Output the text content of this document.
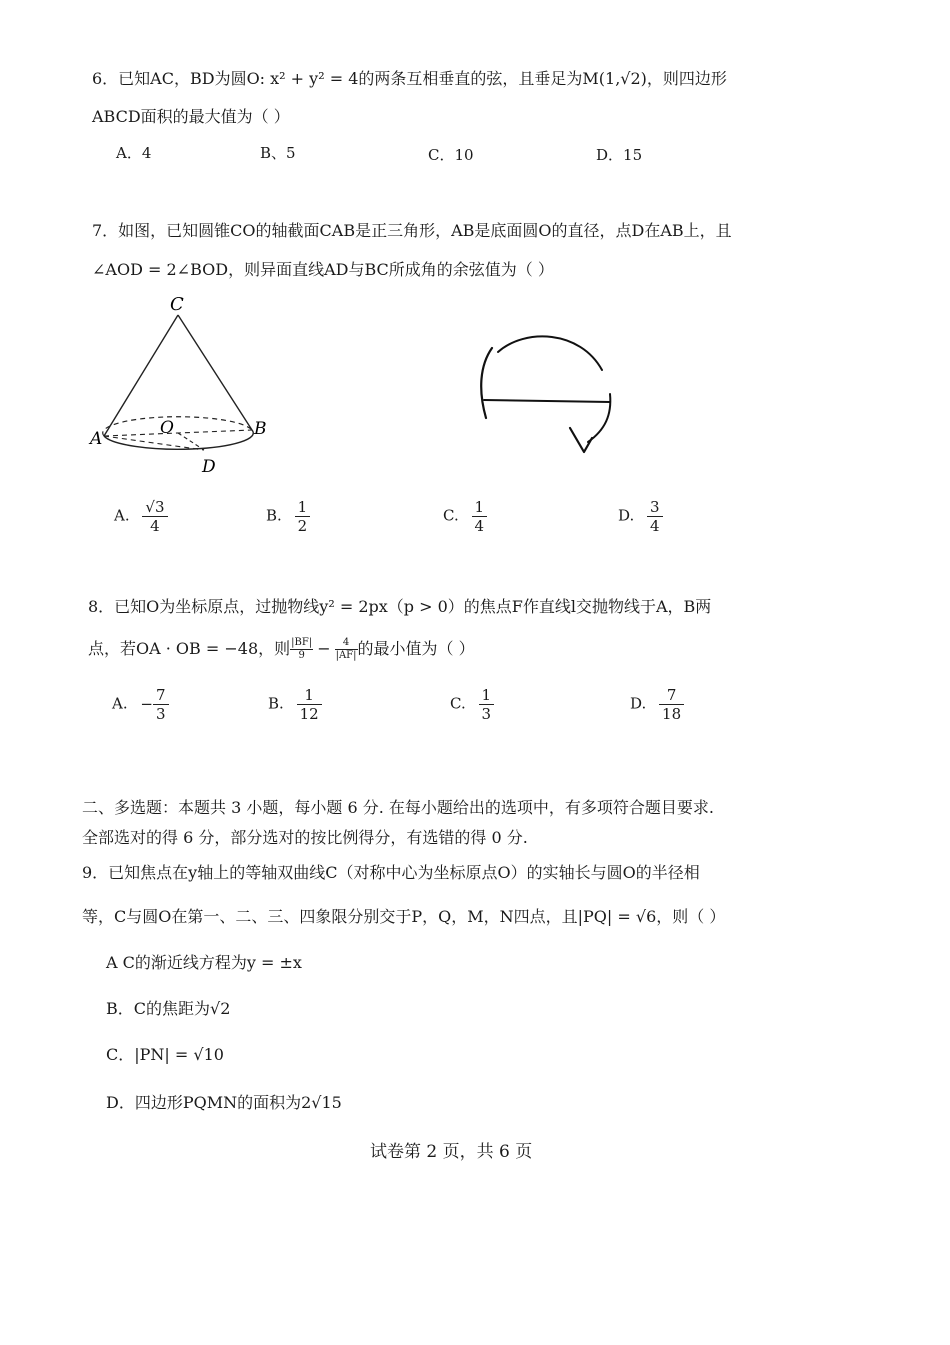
6．已知AC，BD为圆O: x² + y² = 4的两条互相垂直的弦，且垂足为M(1,√2)，则四边形
ABCD面积的最大值为（ ）
A．4	B、5	C．10	D．15
7．如图，已知圆锥CO的轴截面CAB是正三角形，AB是底面圆O的直径，点D在AB上，且
∠AOD = 2∠BOD，则异面直线AD与BC所成角的余弦值为（ ）
C
O
A	B
D
A. $\frac{√3}{4}$	B. $\frac{1}{2}$	C. $\frac{1}{4}$	D. $\frac{3}{4}$
8．已知O为坐标原点，过抛物线y² = 2px（p > 0）的焦点F作直线l交抛物线于A，B两
点，若OA · OB = −48，则 $\frac{|BF|}{9} - \frac{4}{|AF|}$ 的最小值为（ ）
A. − $\frac{7}{3}$	B. $\frac{1}{12}$	C. $\frac{1}{3}$	D. $\frac{7}{18}$
二、多选题：本题共 3 小题，每小题 6 分. 在每小题给出的选项中，有多项符合题目要求.
全部选对的得 6 分，部分选对的按比例得分，有选错的得 0 分.
9．已知焦点在y轴上的等轴双曲线C（对称中心为坐标原点O）的实轴长与圆O的半径相
等，C与圆O在第一、二、三、四象限分别交于P，Q，M，N四点，且|PQ| = √6，则（ ）
A C的渐近线方程为y = ±x
B．C的焦距为√2
C．|PN| = √10
D．四边形PQMN的面积为2√15
试卷第 2 页，共 6 页
